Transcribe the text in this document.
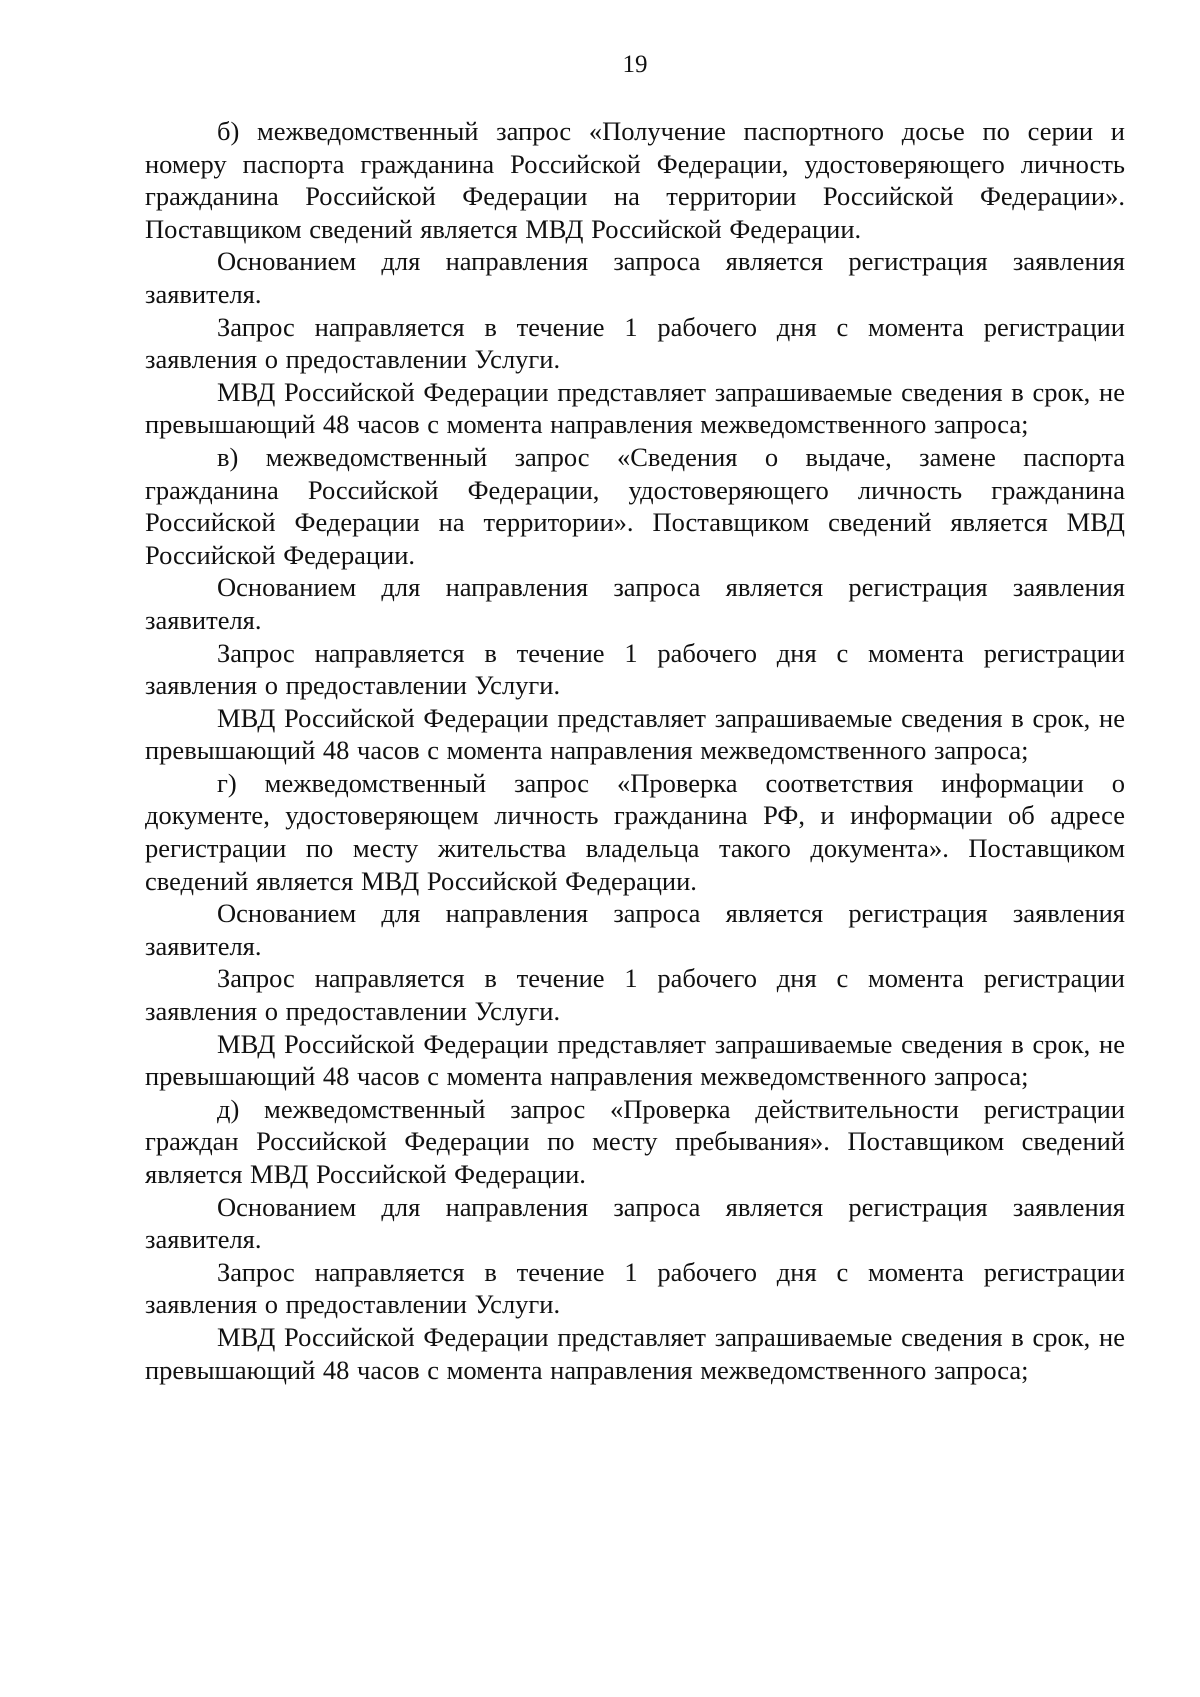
19

б) межведомственный запрос «Получение паспортного досье по серии и номеру паспорта гражданина Российской Федерации, удостоверяющего личность гражданина Российской Федерации на территории Российской Федерации». Поставщиком сведений является МВД Российской Федерации.

Основанием для направления запроса является регистрация заявления заявителя.

Запрос направляется в течение 1 рабочего дня с момента регистрации заявления о предоставлении Услуги.

МВД Российской Федерации представляет запрашиваемые сведения в срок, не превышающий 48 часов с момента направления межведомственного запроса;

в) межведомственный запрос «Сведения о выдаче, замене паспорта гражданина Российской Федерации, удостоверяющего личность гражданина Российской Федерации на территории». Поставщиком сведений является МВД Российской Федерации.

Основанием для направления запроса является регистрация заявления заявителя.

Запрос направляется в течение 1 рабочего дня с момента регистрации заявления о предоставлении Услуги.

МВД Российской Федерации представляет запрашиваемые сведения в срок, не превышающий 48 часов с момента направления межведомственного запроса;

г) межведомственный запрос «Проверка соответствия информации о документе, удостоверяющем личность гражданина РФ, и информации об адресе регистрации по месту жительства владельца такого документа». Поставщиком сведений является МВД Российской Федерации.

Основанием для направления запроса является регистрация заявления заявителя.

Запрос направляется в течение 1 рабочего дня с момента регистрации заявления о предоставлении Услуги.

МВД Российской Федерации представляет запрашиваемые сведения в срок, не превышающий 48 часов с момента направления межведомственного запроса;

д) межведомственный запрос «Проверка действительности регистрации граждан Российской Федерации по месту пребывания». Поставщиком сведений является МВД Российской Федерации.

Основанием для направления запроса является регистрация заявления заявителя.

Запрос направляется в течение 1 рабочего дня с момента регистрации заявления о предоставлении Услуги.

МВД Российской Федерации представляет запрашиваемые сведения в срок, не превышающий 48 часов с момента направления межведомственного запроса;
